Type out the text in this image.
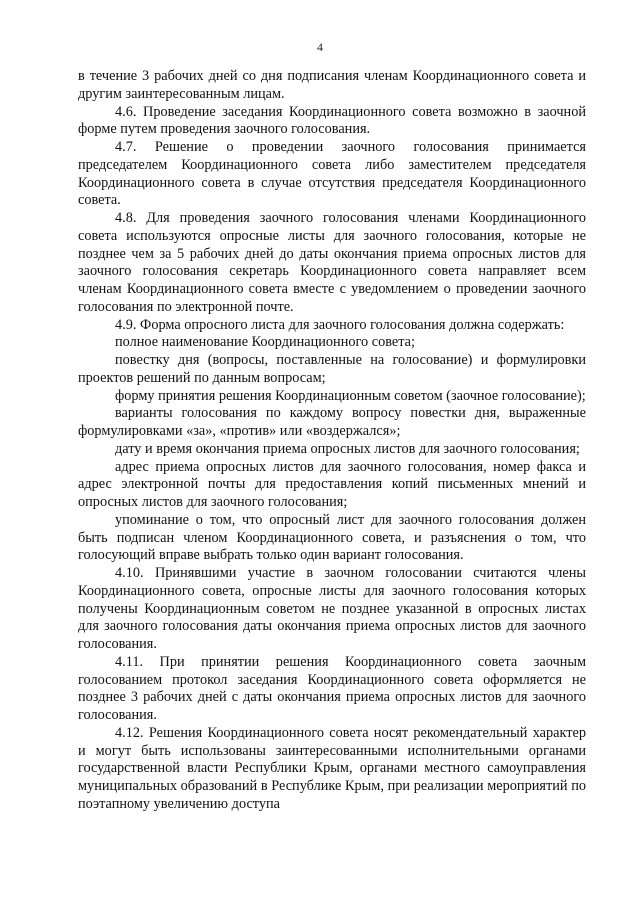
4

в течение 3 рабочих дней со дня подписания членам Координационного совета и другим заинтересованным лицам.

4.6. Проведение заседания Координационного совета возможно в заочной форме путем проведения заочного голосования.

4.7. Решение о проведении заочного голосования принимается председателем Координационного совета либо заместителем председателя Координационного совета в случае отсутствия председателя Координационного совета.

4.8. Для проведения заочного голосования членами Координационного совета используются опросные листы для заочного голосования, которые не позднее чем за 5 рабочих дней до даты окончания приема опросных листов для заочного голосования секретарь Координационного совета направляет всем членам Координационного совета вместе с уведомлением о проведении заочного голосования по электронной почте.

4.9. Форма опросного листа для заочного голосования должна содержать:

полное наименование Координационного совета;

повестку дня (вопросы, поставленные на голосование) и формулировки проектов решений по данным вопросам;

форму принятия решения Координационным советом (заочное голосование);

варианты голосования по каждому вопросу повестки дня, выраженные формулировками «за», «против» или «воздержался»;

дату и время окончания приема опросных листов для заочного голосования;

адрес приема опросных листов для заочного голосования, номер факса и адрес электронной почты для предоставления копий письменных мнений и опросных листов для заочного голосования;

упоминание о том, что опросный лист для заочного голосования должен быть подписан членом Координационного совета, и разъяснения о том, что голосующий вправе выбрать только один вариант голосования.

4.10. Принявшими участие в заочном голосовании считаются члены Координационного совета, опросные листы для заочного голосования которых получены Координационным советом не позднее указанной в опросных листах для заочного голосования даты окончания приема опросных листов для заочного голосования.

4.11. При принятии решения Координационного совета заочным голосованием протокол заседания Координационного совета оформляется не позднее 3 рабочих дней с даты окончания приема опросных листов для заочного голосования.

4.12. Решения Координационного совета носят рекомендательный характер и могут быть использованы заинтересованными исполнительными органами государственной власти Республики Крым, органами местного самоуправления муниципальных образований в Республике Крым, при реализации мероприятий по поэтапному увеличению доступа
